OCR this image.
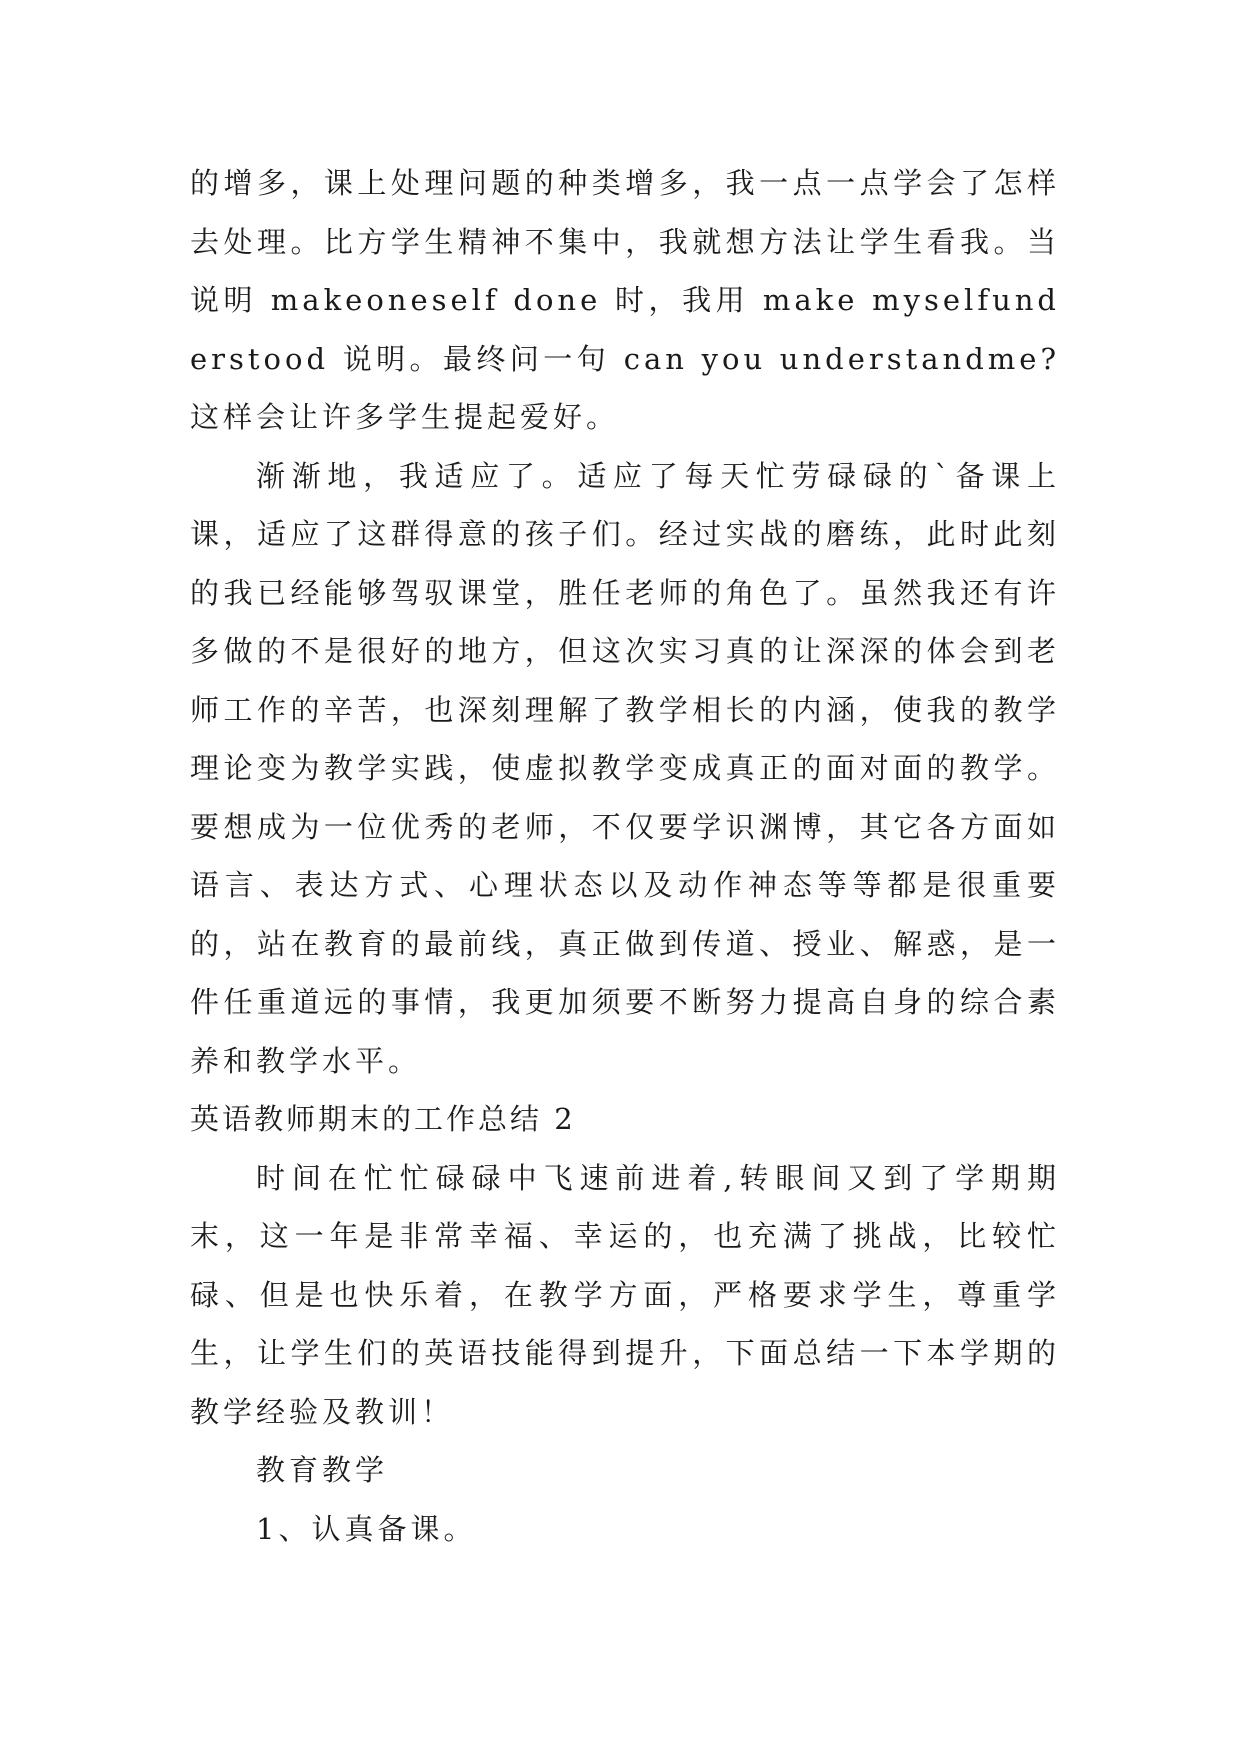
的增多，课上处理问题的种类增多，我一点一点学会了怎样去处理。比方学生精神不集中，我就想方法让学生看我。当说明 makeoneself done 时，我用 make myselfunderstood 说明。最终问一句 can you understandme?这样会让许多学生提起爱好。

渐渐地，我适应了。适应了每天忙劳碌碌的`备课上课，适应了这群得意的孩子们。经过实战的磨练，此时此刻的我已经能够驾驭课堂，胜任老师的角色了。虽然我还有许多做的不是很好的地方，但这次实习真的让深深的体会到老师工作的辛苦，也深刻理解了教学相长的内涵，使我的教学理论变为教学实践，使虚拟教学变成真正的面对面的教学。要想成为一位优秀的老师，不仅要学识渊博，其它各方面如语言、表达方式、心理状态以及动作神态等等都是很重要的，站在教育的最前线，真正做到传道、授业、解惑，是一件任重道远的事情，我更加须要不断努力提高自身的综合素养和教学水平。

英语教师期末的工作总结 2

时间在忙忙碌碌中飞速前进着,转眼间又到了学期期末，这一年是非常幸福、幸运的，也充满了挑战，比较忙碌、但是也快乐着，在教学方面，严格要求学生，尊重学生，让学生们的英语技能得到提升，下面总结一下本学期的教学经验及教训！

教育教学

1、认真备课。
